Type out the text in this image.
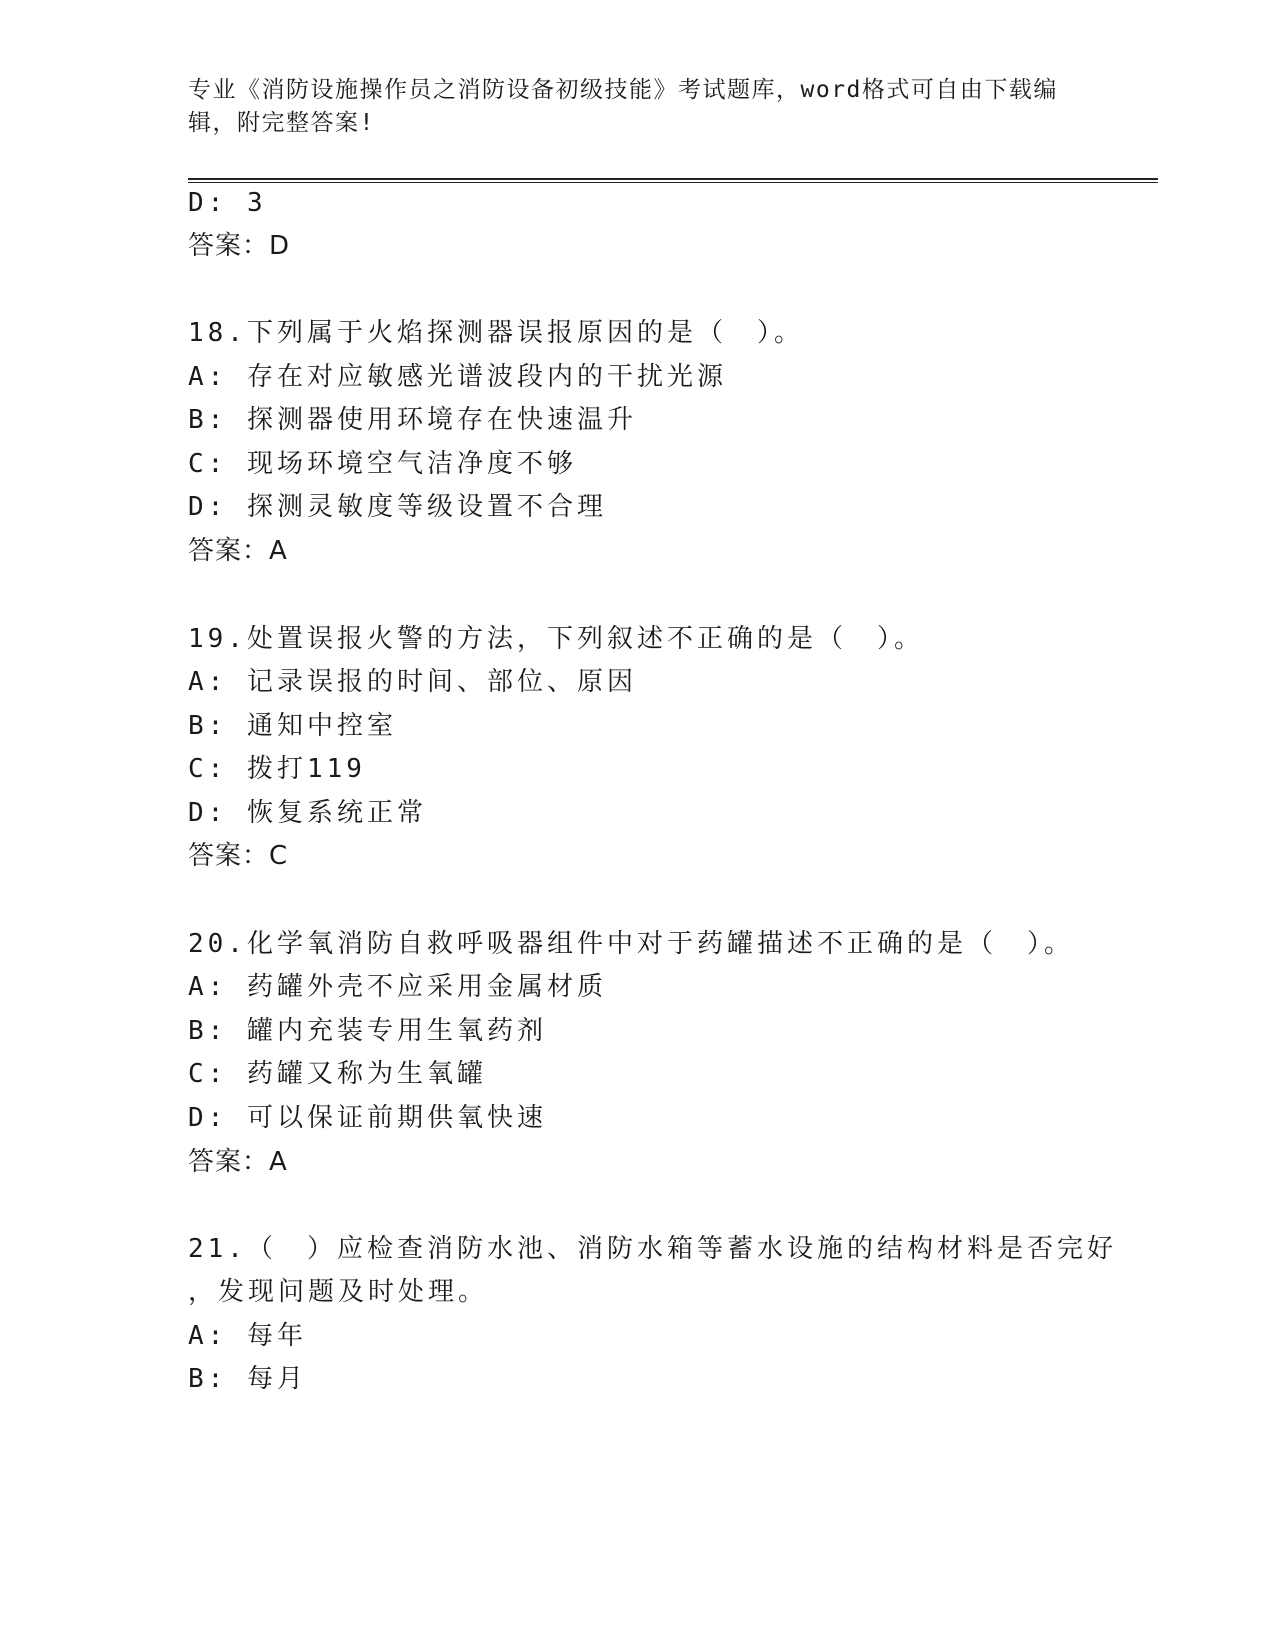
专业《消防设施操作员之消防设备初级技能》考试题库，word格式可自由下载编
辑，附完整答案!
D: 3
答案：D
18.下列属于火焰探测器误报原因的是（　）。
A: 存在对应敏感光谱波段内的干扰光源
B: 探测器使用环境存在快速温升
C: 现场环境空气洁净度不够
D: 探测灵敏度等级设置不合理
答案：A
19.处置误报火警的方法，下列叙述不正确的是（　）。
A: 记录误报的时间、部位、原因
B: 通知中控室
C: 拨打119
D: 恢复系统正常
答案：C
20.化学氧消防自救呼吸器组件中对于药罐描述不正确的是（　）。
A: 药罐外壳不应采用金属材质
B: 罐内充装专用生氧药剂
C: 药罐又称为生氧罐
D: 可以保证前期供氧快速
答案：A
21.（　）应检查消防水池、消防水箱等蓄水设施的结构材料是否完好
，发现问题及时处理。
A: 每年
B: 每月
